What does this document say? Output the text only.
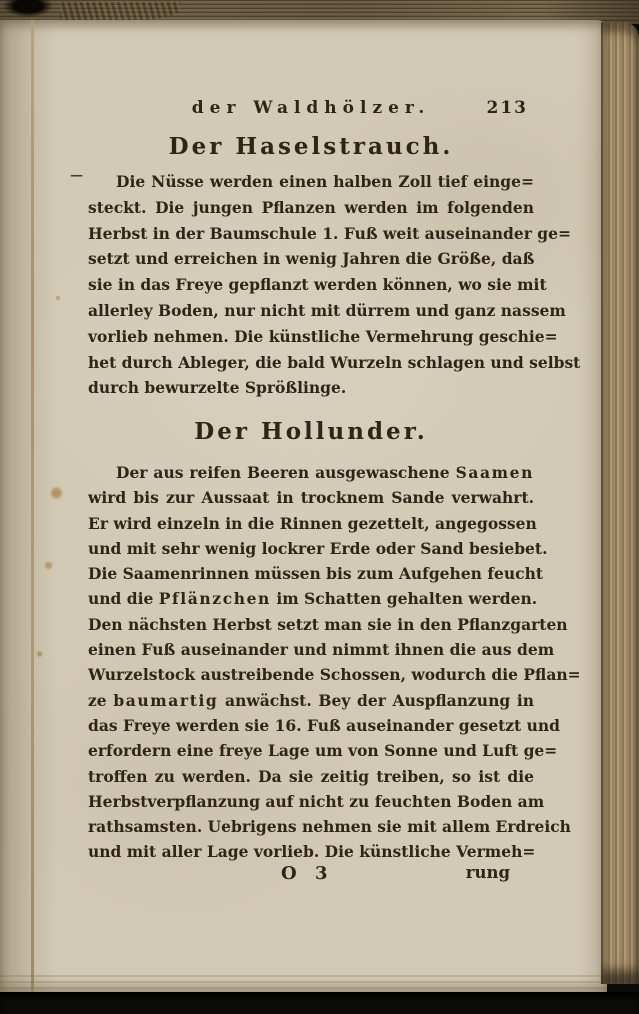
der Waldhölzer.	213
Der Haselstrauch.
—	Die Nüsse werden einen halben Zoll tief einge=
steckt. Die jungen Pflanzen werden im folgenden
Herbst in der Baumschule 1. Fuß weit auseinander ge=
setzt und erreichen in wenig Jahren die Größe, daß
sie in das Freye gepflanzt werden können, wo sie mit
allerley Boden, nur nicht mit dürrem und ganz nassem
vorlieb nehmen. Die künstliche Vermehrung geschie=
het durch Ableger, die bald Wurzeln schlagen und selbst
durch bewurzelte Sprößlinge.
Der Hollunder.
Der aus reifen Beeren ausgewaschene Saamen
wird bis zur Aussaat in trocknem Sande verwahrt.
Er wird einzeln in die Rinnen gezettelt, angegossen
und mit sehr wenig lockrer Erde oder Sand besiebet.
Die Saamenrinnen müssen bis zum Aufgehen feucht
und die Pflänzchen im Schatten gehalten werden.
Den nächsten Herbst setzt man sie in den Pflanzgarten
einen Fuß auseinander und nimmt ihnen die aus dem
Wurzelstock austreibende Schossen, wodurch die Pflan=
ze baumartig anwächst. Bey der Auspflanzung in
das Freye werden sie 16. Fuß auseinander gesetzt und
erfordern eine freye Lage um von Sonne und Luft ge=
troffen zu werden. Da sie zeitig treiben, so ist die
Herbstverpflanzung auf nicht zu feuchten Boden am
rathsamsten. Uebrigens nehmen sie mit allem Erdreich
und mit aller Lage vorlieb. Die künstliche Vermeh=
O 3	rung
